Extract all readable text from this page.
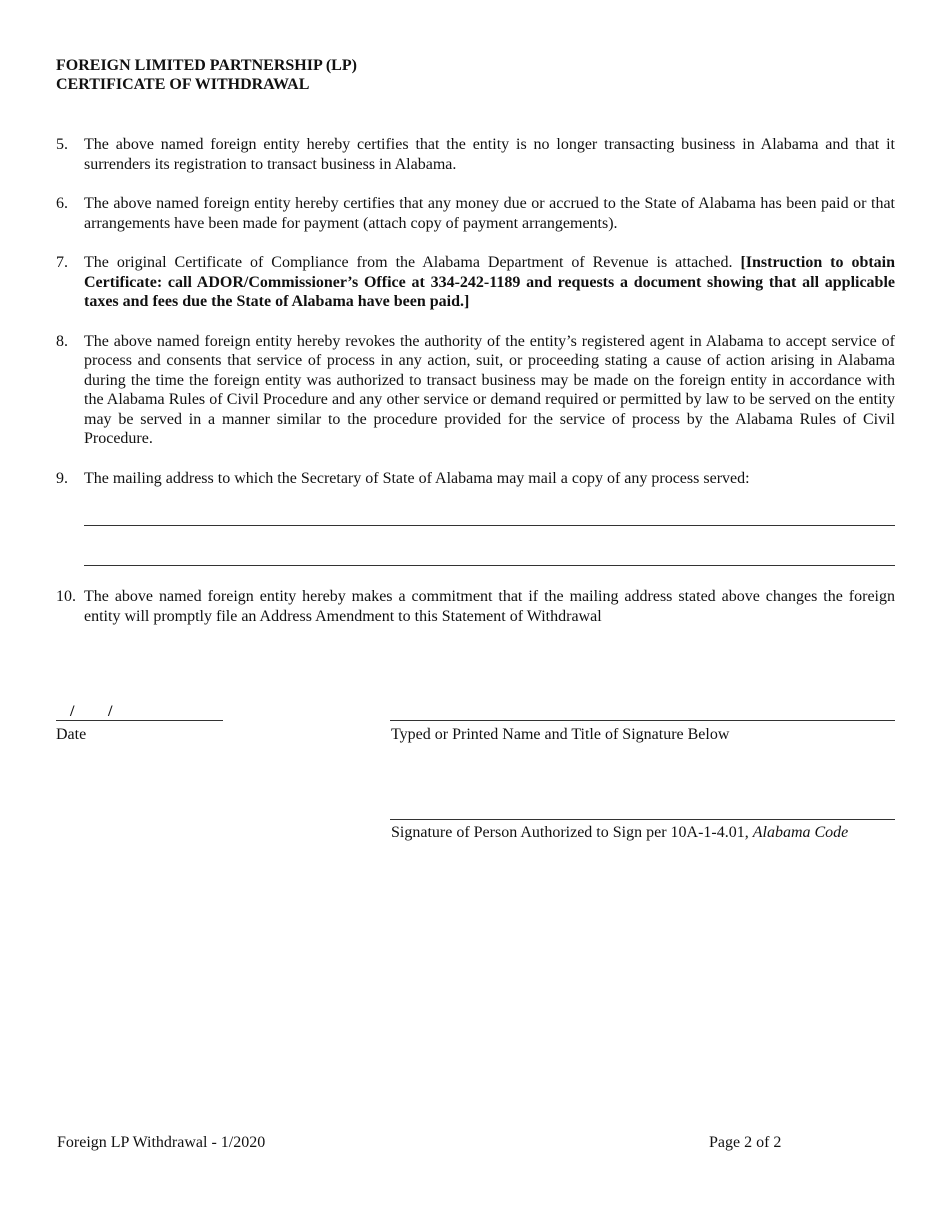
FOREIGN LIMITED PARTNERSHIP (LP)
CERTIFICATE OF WITHDRAWAL
5.	The above named foreign entity hereby certifies that the entity is no longer transacting business in Alabama and that it surrenders its registration to transact business in Alabama.
6.	The above named foreign entity hereby certifies that any money due or accrued to the State of Alabama has been paid or that arrangements have been made for payment (attach copy of payment arrangements).
7.	The original Certificate of Compliance from the Alabama Department of Revenue is attached. [Instruction to obtain Certificate: call ADOR/Commissioner’s Office at 334-242-1189 and requests a document showing that all applicable taxes and fees due the State of Alabama have been paid.]
8.	The above named foreign entity hereby revokes the authority of the entity’s registered agent in Alabama to accept service of process and consents that service of process in any action, suit, or proceeding stating a cause of action arising in Alabama during the time the foreign entity was authorized to transact business may be made on the foreign entity in accordance with the Alabama Rules of Civil Procedure and any other service or demand required or permitted by law to be served on the entity may be served in a manner similar to the procedure provided for the service of process by the Alabama Rules of Civil Procedure.
9.	The mailing address to which the Secretary of State of Alabama may mail a copy of any process served:
10. The above named foreign entity hereby makes a commitment that if the mailing address stated above changes the foreign entity will promptly file an Address Amendment to this Statement of Withdrawal
/ /
Date	Typed or Printed Name and Title of Signature Below
Signature of Person Authorized to Sign per 10A-1-4.01, Alabama Code
Foreign LP Withdrawal - 1/2020	Page 2 of 2
